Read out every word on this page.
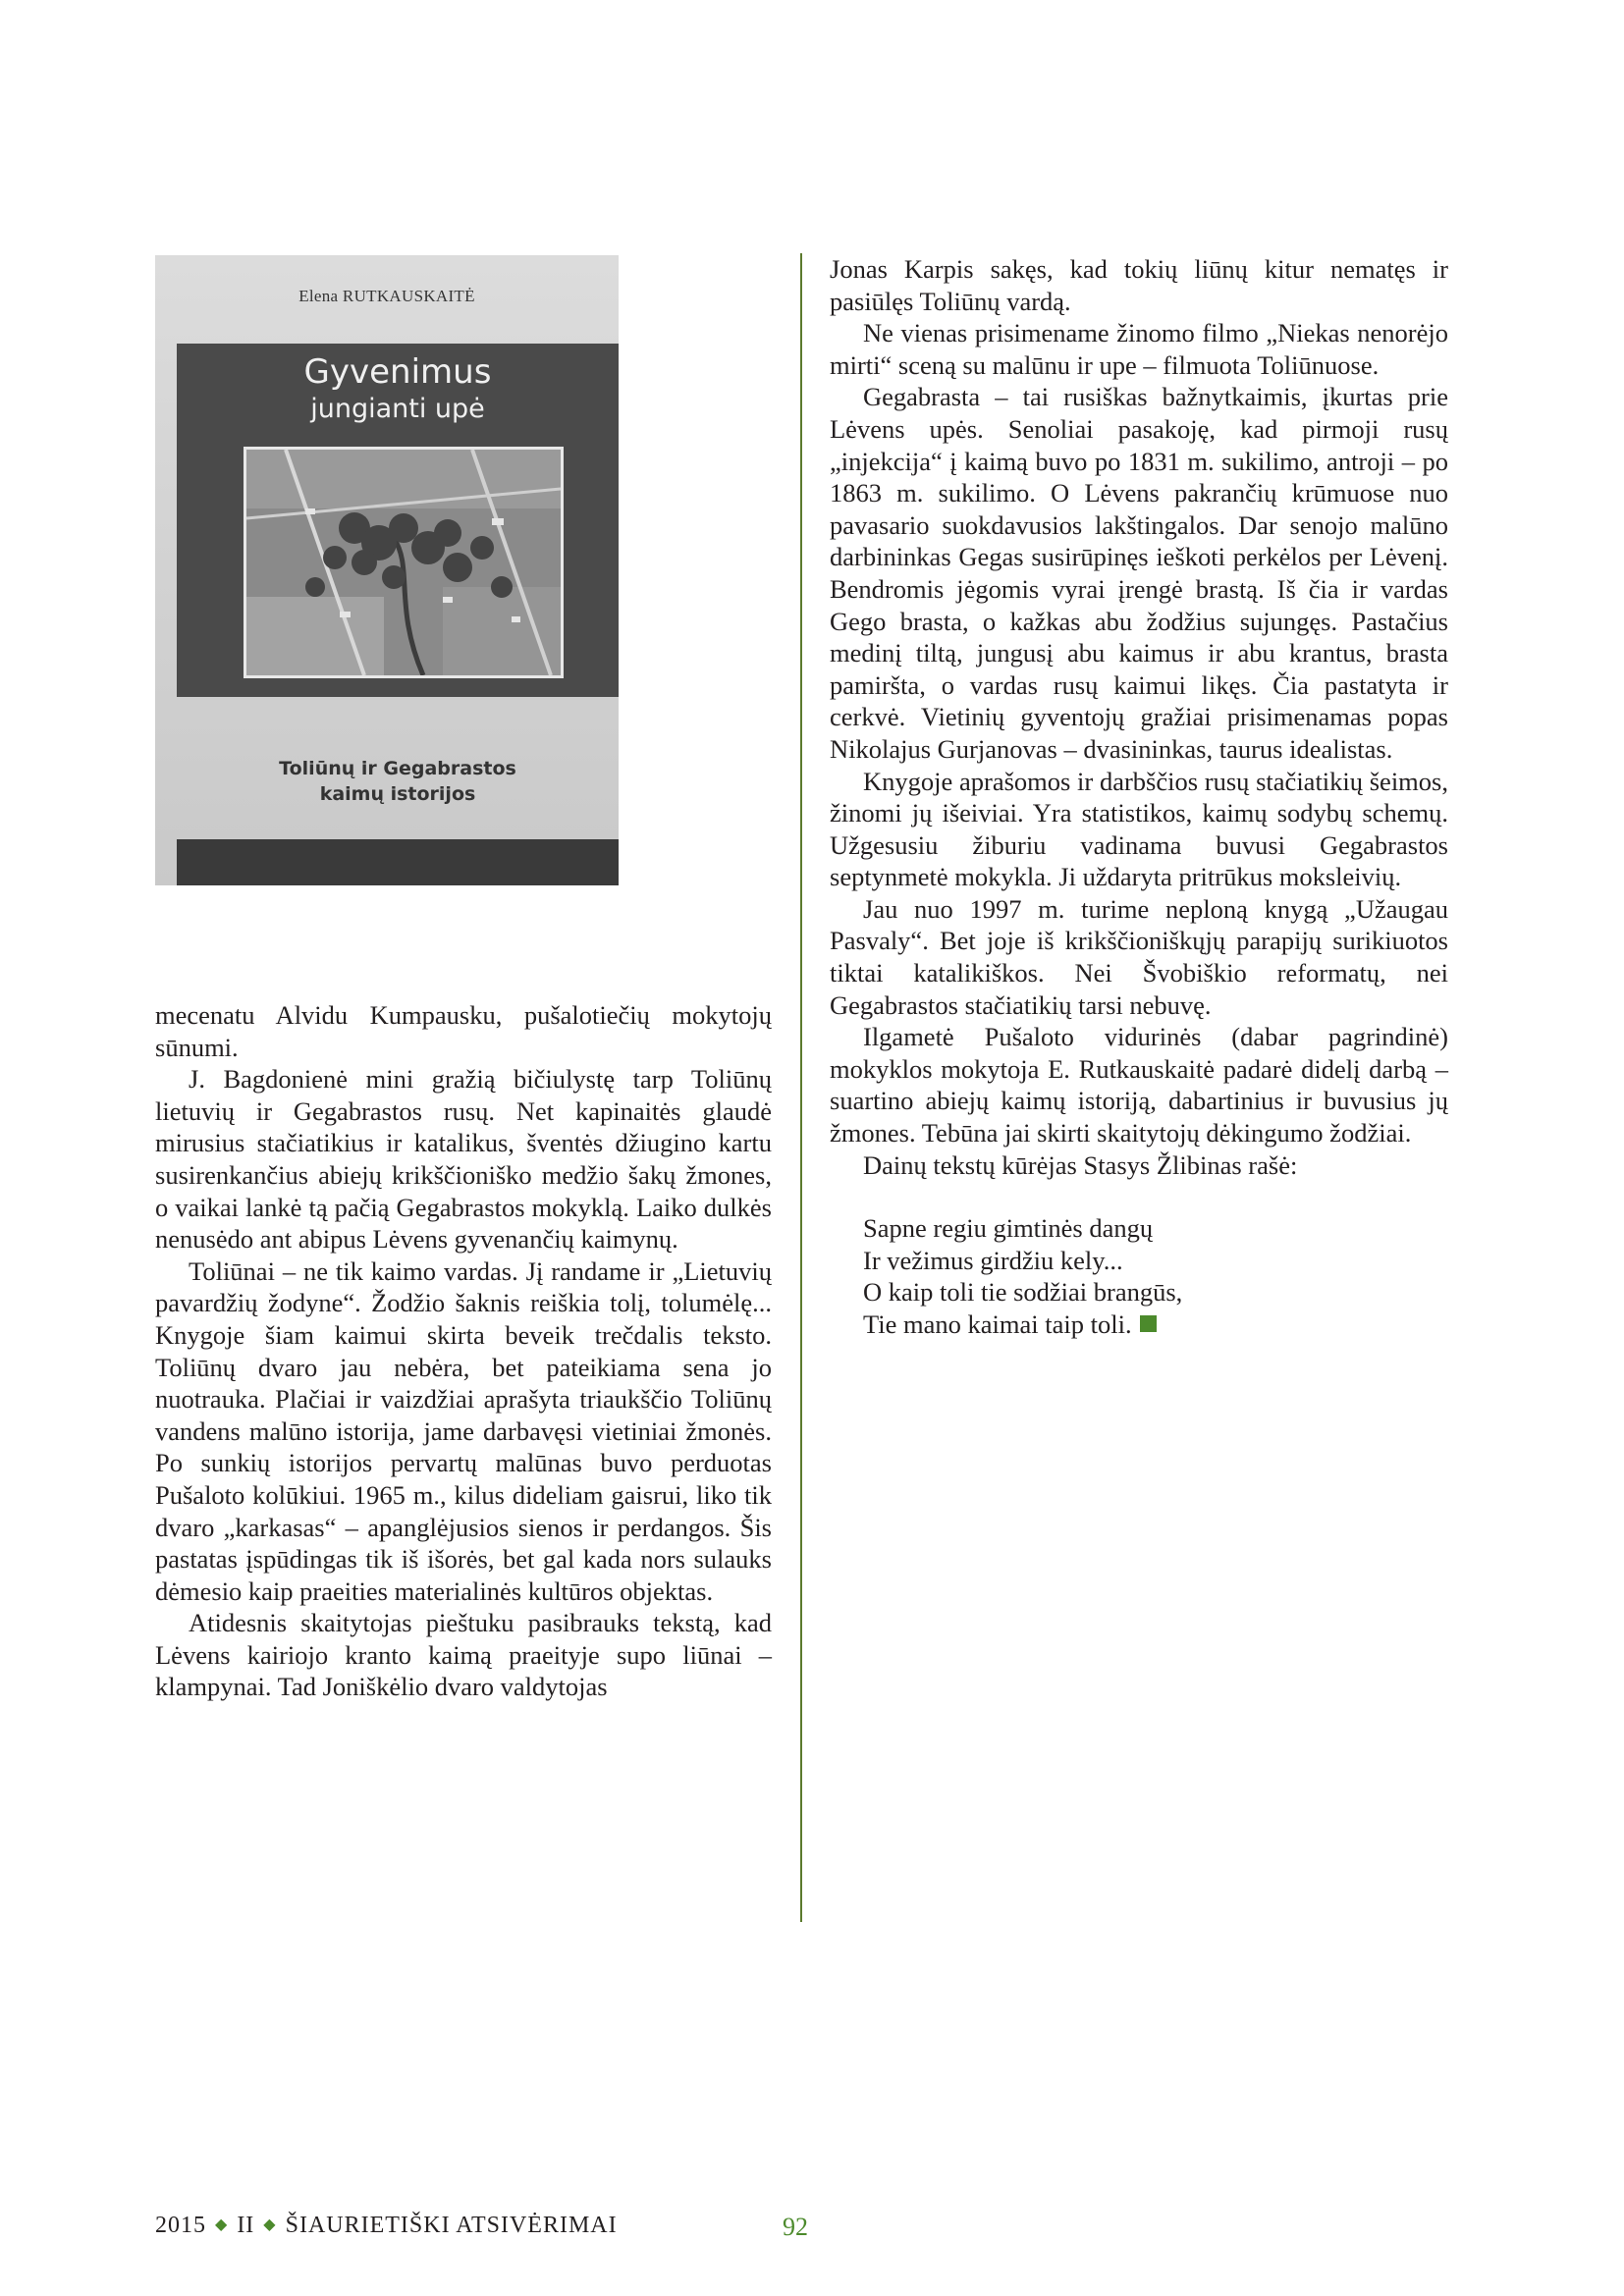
Elena RUTKAUSKAITĖ
Gyvenimus
jungianti upė
Toliūnų ir Gegabrastos
kaimų istorijos

mecenatu Alvidu Kumpausku, pušalotiečių mokytojų sūnumi.

J. Bagdonienė mini gražią bičiulystę tarp Toliūnų lietuvių ir Gegabrastos rusų. Net kapinaitės glaudė mirusius stačiatikius ir katalikus, šventės džiugino kartu susirenkančius abiejų krikščioniško medžio šakų žmones, o vaikai lankė tą pačią Gegabrastos mokyklą. Laiko dulkės nenusėdo ant abipus Lėvens gyvenančių kaimynų.

Toliūnai – ne tik kaimo vardas. Jį randame ir „Lietuvių pavardžių žodyne“. Žodžio šaknis reiškia tolį, tolumėlę... Knygoje šiam kaimui skirta beveik trečdalis teksto. Toliūnų dvaro jau nebėra, bet pateikiama sena jo nuotrauka. Plačiai ir vaizdžiai aprašyta triaukščio Toliūnų vandens malūno istorija, jame darbavęsi vietiniai žmonės. Po sunkių istorijos pervartų malūnas buvo perduotas Pušaloto kolūkiui. 1965 m., kilus dideliam gaisrui, liko tik dvaro „karkasas“ – apanglėjusios sienos ir perdangos. Šis pastatas įspūdingas tik iš išorės, bet gal kada nors sulauks dėmesio kaip praeities materialinės kultūros objektas.

Atidesnis skaitytojas pieštuku pasibrauks tekstą, kad Lėvens kairiojo kranto kaimą praeityje supo liūnai – klampynai. Tad Joniškėlio dvaro valdytojas

Jonas Karpis sakęs, kad tokių liūnų kitur nematęs ir pasiūlęs Toliūnų vardą.

Ne vienas prisimename žinomo filmo „Niekas nenorėjo mirti“ sceną su malūnu ir upe – filmuota Toliūnuose.

Gegabrasta – tai rusiškas bažnytkaimis, įkurtas prie Lėvens upės. Senoliai pasakoję, kad pirmoji rusų „injekcija“ į kaimą buvo po 1831 m. sukilimo, antroji – po 1863 m. sukilimo. O Lėvens pakrančių krūmuose nuo pavasario suokdavusios lakštingalos. Dar senojo malūno darbininkas Gegas susirūpinęs ieškoti perkėlos per Lėvenį. Bendromis jėgomis vyrai įrengė brastą. Iš čia ir vardas Gego brasta, o kažkas abu žodžius sujungęs. Pastačius medinį tiltą, jungusį abu kaimus ir abu krantus, brasta pamiršta, o vardas rusų kaimui likęs. Čia pastatyta ir cerkvė. Vietinių gyventojų gražiai prisimenamas popas Nikolajus Gurjanovas – dvasininkas, taurus idealistas.

Knygoje aprašomos ir darbščios rusų stačiatikių šeimos, žinomi jų išeiviai. Yra statistikos, kaimų sodybų schemų. Užgesusiu žiburiu vadinama buvusi Gegabrastos septynmetė mokykla. Ji uždaryta pritrūkus moksleivių.

Jau nuo 1997 m. turime neploną knygą „Užaugau Pasvaly“. Bet joje iš krikščioniškųjų parapijų surikiuotos tiktai katalikiškos. Nei Švobiškio reformatų, nei Gegabrastos stačiatikių tarsi nebuvę.

Ilgametė Pušaloto vidurinės (dabar pagrindinė) mokyklos mokytoja E. Rutkauskaitė padarė didelį darbą – suartino abiejų kaimų istoriją, dabartinius ir buvusius jų žmones. Tebūna jai skirti skaitytojų dėkingumo žodžiai.

Dainų tekstų kūrėjas Stasys Žlibinas rašė:

Sapne regiu gimtinės dangų
Ir vežimus girdžiu kely...
O kaip toli tie sodžiai brangūs,
Tie mano kaimai taip toli.
2015 ◆ II ◆ ŠIAURIETIŠKI ATSIVĖRIMAI	92
